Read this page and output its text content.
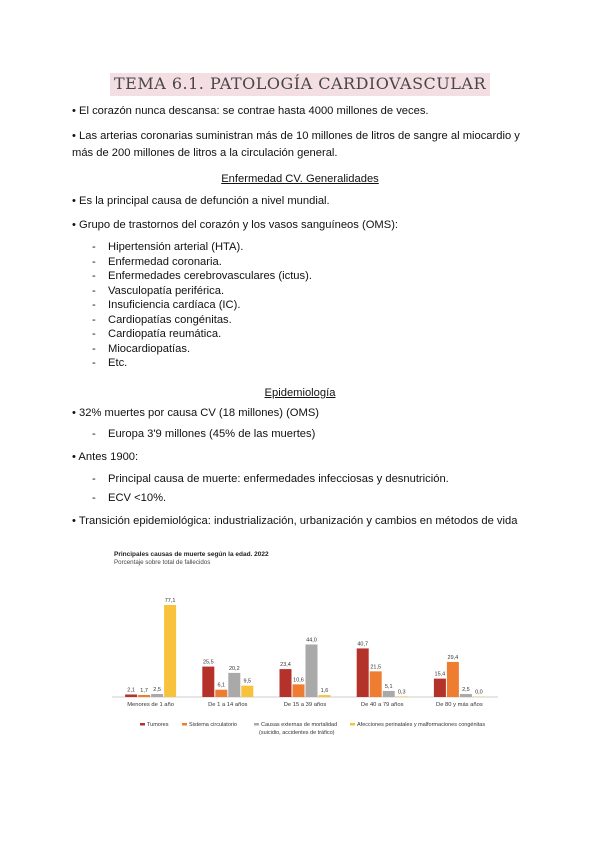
TEMA 6.1. PATOLOGÍA CARDIOVASCULAR
• El corazón nunca descansa: se contrae hasta 4000 millones de veces.
• Las arterias coronarias suministran más de 10 millones de litros de sangre al miocardio y más de 200 millones de litros a la circulación general.
Enfermedad CV. Generalidades
• Es la principal causa de defunción a nivel mundial.
• Grupo de trastornos del corazón y los vasos sanguíneos (OMS):
- Hipertensión arterial (HTA).
- Enfermedad coronaria.
- Enfermedades cerebrovasculares (ictus).
- Vasculopatía periférica.
- Insuficiencia cardíaca (IC).
- Cardiopatías congénitas.
- Cardiopatía reumática.
- Miocardiopatías.
- Etc.
Epidemiología
• 32% muertes por causa CV (18 millones) (OMS)
- Europa 3'9 millones (45% de las muertes)
• Antes 1900:
- Principal causa de muerte: enfermedades infecciosas y desnutrición.
- ECV <10%.
• Transición epidemiológica: industrialización, urbanización y cambios en métodos de vida
Principales causas de muerte según la edad. 2022
Porcentaje sobre total de fallecidos
2,1 1,7 2,5
77,1
Menores de 1 año
25,5
6,1
20,2
9,5
De 1 a 14 años
23,4
10,6
44,0
1,6
De 15 a 39 años
40,7
21,5
5,1
0,3
De 40 a 79 años
15,4
29,4
2,5 0,0
De 80 y más años
Tumores	Sistema circulatorio	Causas externas de mortalidad
(suicidio, accidentes de tráfico)
Afecciones perinatales y malformaciones congénitas
